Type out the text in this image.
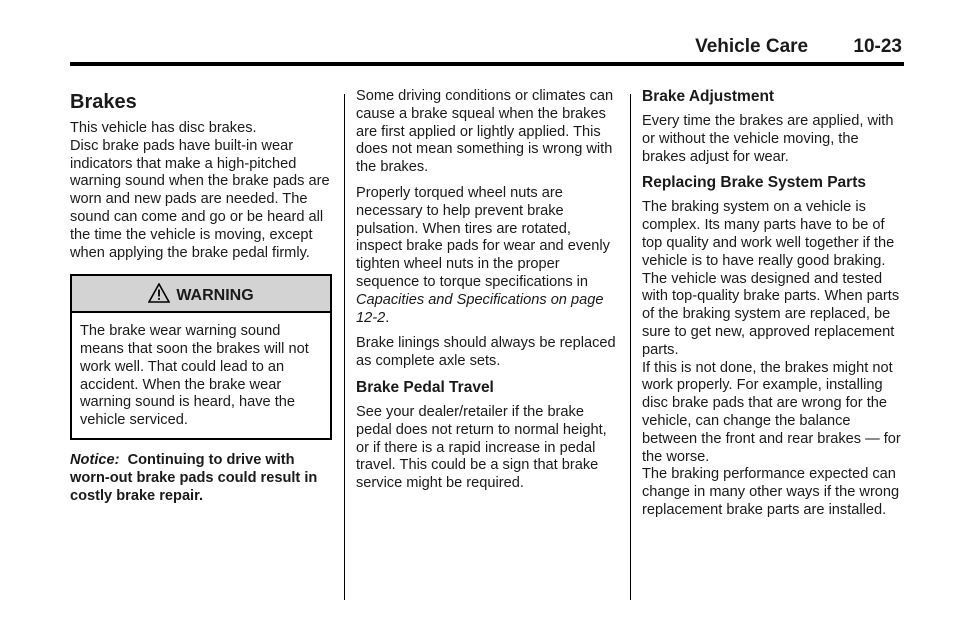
Vehicle Care 10-23
Brakes

This vehicle has disc brakes.

Disc brake pads have built-in wear indicators that make a high-pitched warning sound when the brake pads are worn and new pads are needed. The sound can come and go or be heard all the time the vehicle is moving, except when applying the brake pedal firmly.

WARNING
The brake wear warning sound means that soon the brakes will not work well. That could lead to an accident. When the brake wear warning sound is heard, have the vehicle serviced.

Notice: Continuing to drive with worn-out brake pads could result in costly brake repair.

Some driving conditions or climates can cause a brake squeal when the brakes are first applied or lightly applied. This does not mean something is wrong with the brakes.

Properly torqued wheel nuts are necessary to help prevent brake pulsation. When tires are rotated, inspect brake pads for wear and evenly tighten wheel nuts in the proper sequence to torque specifications in Capacities and Specifications on page 12-2.

Brake linings should always be replaced as complete axle sets.

Brake Pedal Travel

See your dealer/retailer if the brake pedal does not return to normal height, or if there is a rapid increase in pedal travel. This could be a sign that brake service might be required.

Brake Adjustment

Every time the brakes are applied, with or without the vehicle moving, the brakes adjust for wear.

Replacing Brake System Parts

The braking system on a vehicle is complex. Its many parts have to be of top quality and work well together if the vehicle is to have really good braking. The vehicle was designed and tested with top-quality brake parts. When parts of the braking system are replaced, be sure to get new, approved replacement parts.

If this is not done, the brakes might not work properly. For example, installing disc brake pads that are wrong for the vehicle, can change the balance between the front and rear brakes — for the worse.

The braking performance expected can change in many other ways if the wrong replacement brake parts are installed.
